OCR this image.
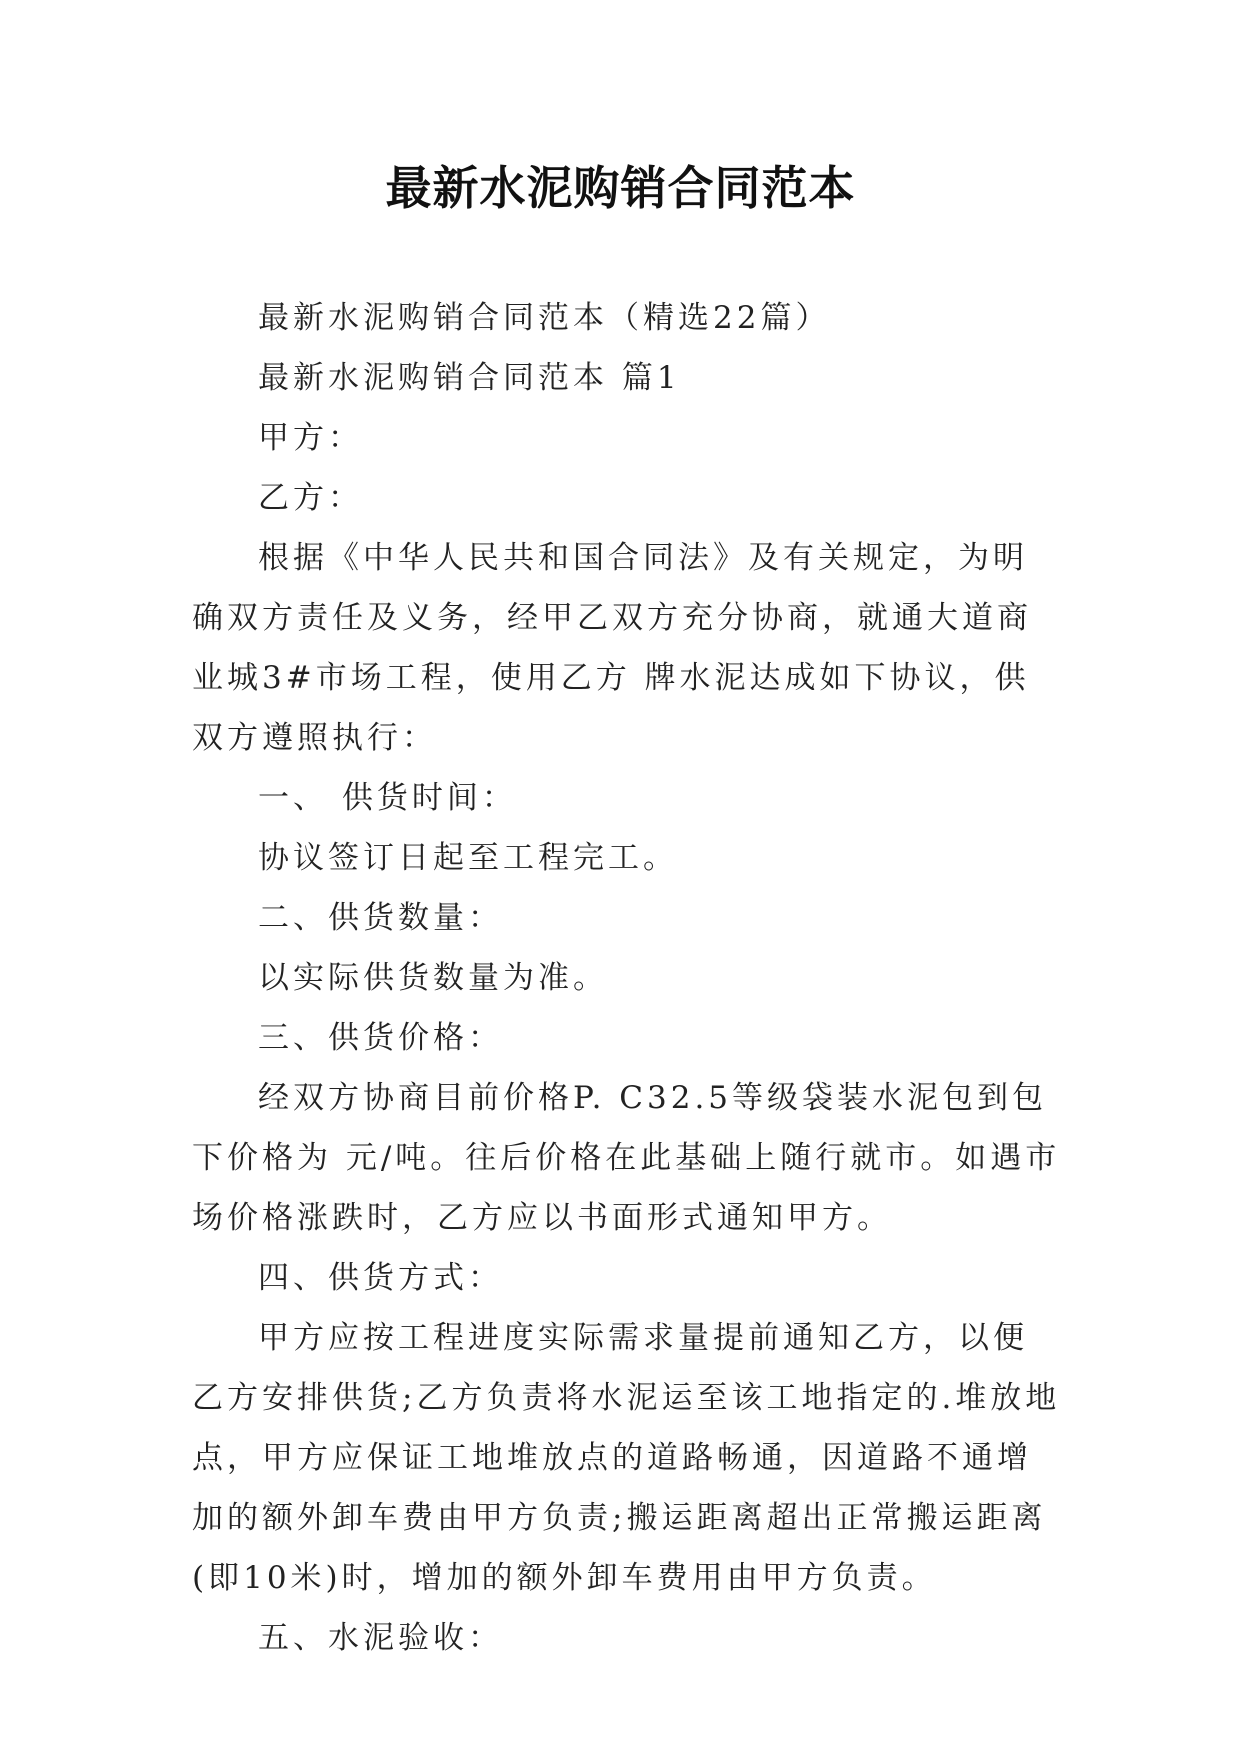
最新水泥购销合同范本

最新水泥购销合同范本（精选22篇）

最新水泥购销合同范本 篇1

甲方：

乙方：

根据《中华人民共和国合同法》及有关规定，为明确双方责任及义务，经甲乙双方充分协商，就通大道商业城3#市场工程，使用乙方 牌水泥达成如下协议，供双方遵照执行：

一、 供货时间：

协议签订日起至工程完工。

二、供货数量：

以实际供货数量为准。

三、供货价格：

经双方协商目前价格P. C32.5等级袋装水泥包到包下价格为 元/吨。往后价格在此基础上随行就市。如遇市场价格涨跌时，乙方应以书面形式通知甲方。

四、供货方式：

甲方应按工程进度实际需求量提前通知乙方，以便乙方安排供货;乙方负责将水泥运至该工地指定的.堆放地点，甲方应保证工地堆放点的道路畅通，因道路不通增加的额外卸车费由甲方负责;搬运距离超出正常搬运距离(即10米)时，增加的额外卸车费用由甲方负责。

五、水泥验收：
